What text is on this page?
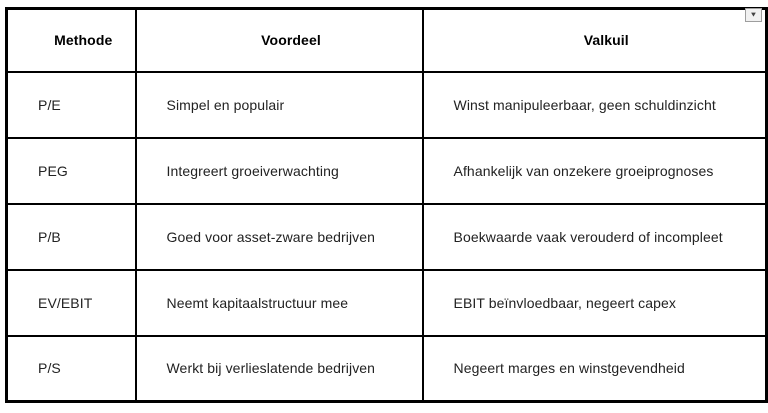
Methode	Voordeel	Valkuil
P/E	Simpel en populair	Winst manipuleerbaar, geen schuldinzicht
PEG	Integreert groeiverwachting	Afhankelijk van onzekere groeiprognoses
P/B	Goed voor asset-zware bedrijven	Boekwaarde vaak verouderd of incompleet
EV/EBIT	Neemt kapitaalstructuur mee	EBIT beïnvloedbaar, negeert capex
P/S	Werkt bij verlieslatende bedrijven	Negeert marges en winstgevendheid
▼
